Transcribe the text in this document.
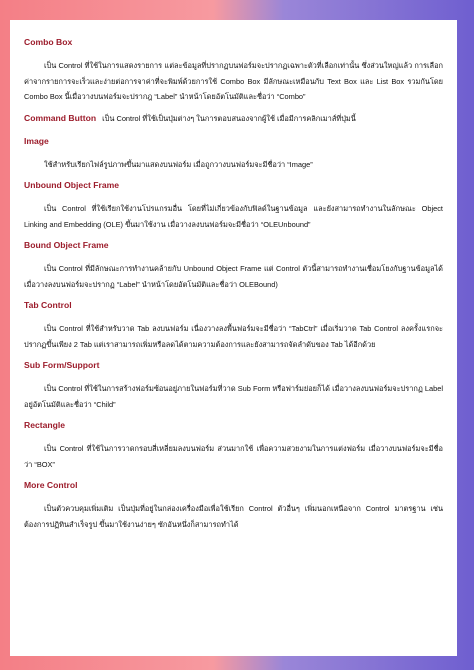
Combo Box

เป็น Control ที่ใช้ในการแสดงรายการ แต่ละข้อมูลที่ปรากฏบนฟอร์มจะปรากฏเฉพาะตัวที่เลือกเท่านั้น ซึ่งส่วนใหญ่แล้ว การเลือกค่าจากรายการจะเร็วและง่ายต่อการจาค่าที่จะพิมพ์ด้วยการใช้ Combo Box มีลักษณะเหมือนกับ Text Box และ List Box รวมกันโดย Combo Box นี้เมื่อวางบนฟอร์มจะปรากฎ “Label” นำหน้าโดยอัตโนมัติและชื่อว่า “Combo”

Command Button เป็น Control ที่ใช้เป็นปุ่มต่างๆ ในการตอบสนองจากผู้ใช้ เมื่อมีการคลิกเมาส์ที่ปุ่มนี้

Image

ใช้สำหรับเรียกไฟล์รูปภาพขึ้นมาแสดงบนฟอร์ม เมื่อถูกวางบนฟอร์มจะมีชื่อว่า “Image”

Unbound Object Frame

เป็น Control ที่ใช้เรียกใช้งานโปรแกรมอื่น โดยที่ไม่เกี่ยวข้องกับฟิลด์ในฐานข้อมูล และยังสามารถทำงานในลักษณะ Object Linking and Embedding (OLE) ขึ้นมาใช้งาน เมื่อวางลงบนฟอร์มจะมีชื่อว่า “OLEUnbound”

Bound Object Frame

เป็น Control ที่มีลักษณะการทำงานคล้ายกับ Unbound Object Frame แต่ Control ตัวนี้สามารถทำงานเชื่อมโยงกับฐานข้อมูลได้ เมื่อวางลงบนฟอร์มจะปรากฏ “Label” นำหน้าโดยอัตโนมัติและชื่อว่า OLEBound)

Tab Control

เป็น Control ที่ใช้สำหรับวาด Tab ลงบนฟอร์ม เนื่องวางลงพื้นฟอร์มจะมีชื่อว่า “TabCtrl” เมื่อเริ่มวาด Tab Control ลงครั้งแรกจะปรากฏขึ้นเพียง 2 Tab แต่เราสามารถเพิ่มหรือลดได้ตามความต้องการและยังสามารถจัดลำดับของ Tab ได้อีกด้วย

Sub Form/Support

เป็น Control ที่ใช้ในการสร้างฟอร์มซ้อนอยู่ภายในฟอร์มที่วาด Sub Form หรือฟาร์มย่อยก็ได้ เมื่อวางลงบนฟอร์มจะปรากฏ Label อยู่อัตโนมัติและชื่อว่า “Child”

Rectangle

เป็น Control ที่ใช้ในการวาดกรอบสี่เหลี่ยมลงบนฟอร์ม ส่วนมากใช้ เพื่อความสวยงามในการแต่งฟอร์ม เมื่อวางบนฟอร์มจะมีชื่อว่า “BOX”

More Control

เป็นตัวควบคุมเพิ่มเติม เป็นปุ่มที่อยู่ในกล่องเครื่องมือเพื่อใช้เรียก Control ตัวอื่นๆ เพิ่มนอกเหนือจาก Control มาตรฐาน เช่น ต้องการปฏิทินสำเร็จรูป ขึ้นมาใช้งานง่ายๆ ซักอันหนึ่งก็สามารถทำได้
